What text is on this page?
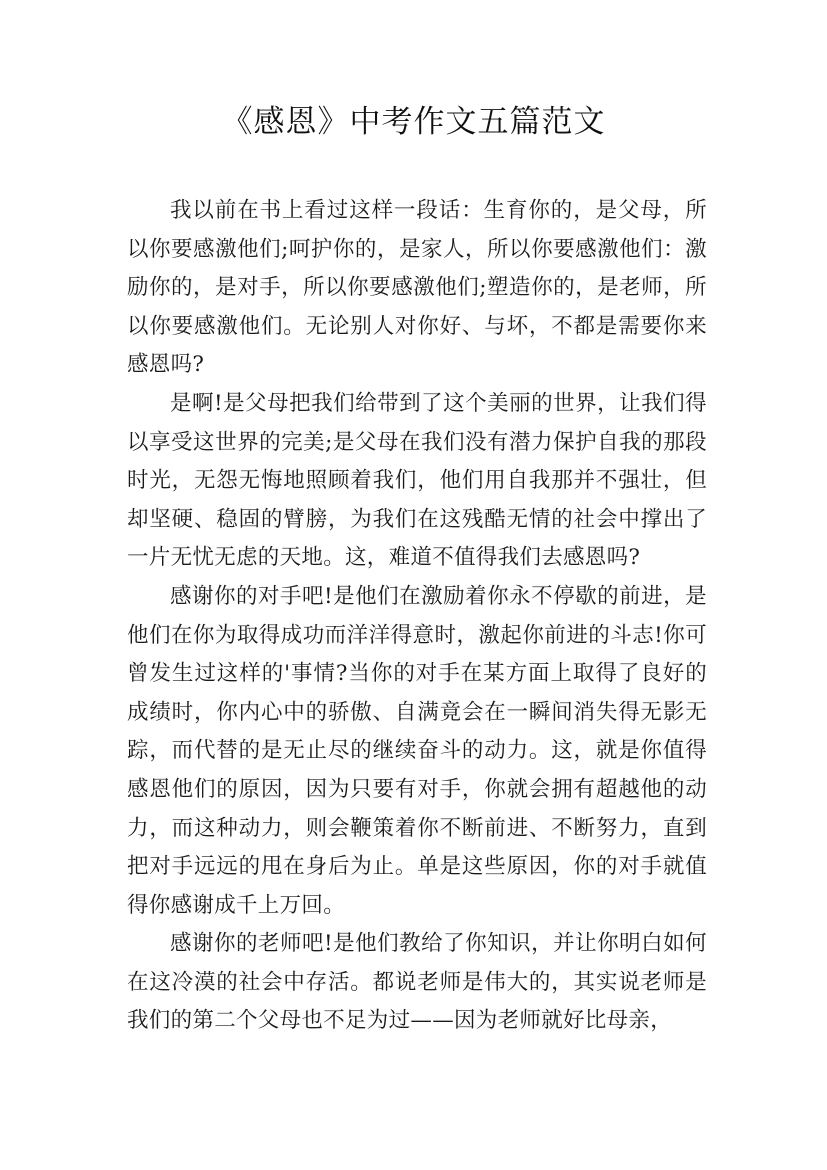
《感恩》中考作文五篇范文

我以前在书上看过这样一段话：生育你的，是父母，所以你要感激他们;呵护你的，是家人，所以你要感激他们：激励你的，是对手，所以你要感激他们;塑造你的，是老师，所以你要感激他们。无论别人对你好、与坏，不都是需要你来感恩吗?

是啊!是父母把我们给带到了这个美丽的世界，让我们得以享受这世界的完美;是父母在我们没有潜力保护自我的那段时光，无怨无悔地照顾着我们，他们用自我那并不强壮，但却坚硬、稳固的臂膀，为我们在这残酷无情的社会中撑出了一片无忧无虑的天地。这，难道不值得我们去感恩吗?

感谢你的对手吧!是他们在激励着你永不停歇的前进，是他们在你为取得成功而洋洋得意时，激起你前进的斗志!你可曾发生过这样的'事情?当你的对手在某方面上取得了良好的成绩时，你内心中的骄傲、自满竟会在一瞬间消失得无影无踪，而代替的是无止尽的继续奋斗的动力。这，就是你值得感恩他们的原因，因为只要有对手，你就会拥有超越他的动力，而这种动力，则会鞭策着你不断前进、不断努力，直到把对手远远的甩在身后为止。单是这些原因，你的对手就值得你感谢成千上万回。

感谢你的老师吧!是他们教给了你知识，并让你明白如何在这冷漠的社会中存活。都说老师是伟大的，其实说老师是我们的第二个父母也不足为过——因为老师就好比母亲，
